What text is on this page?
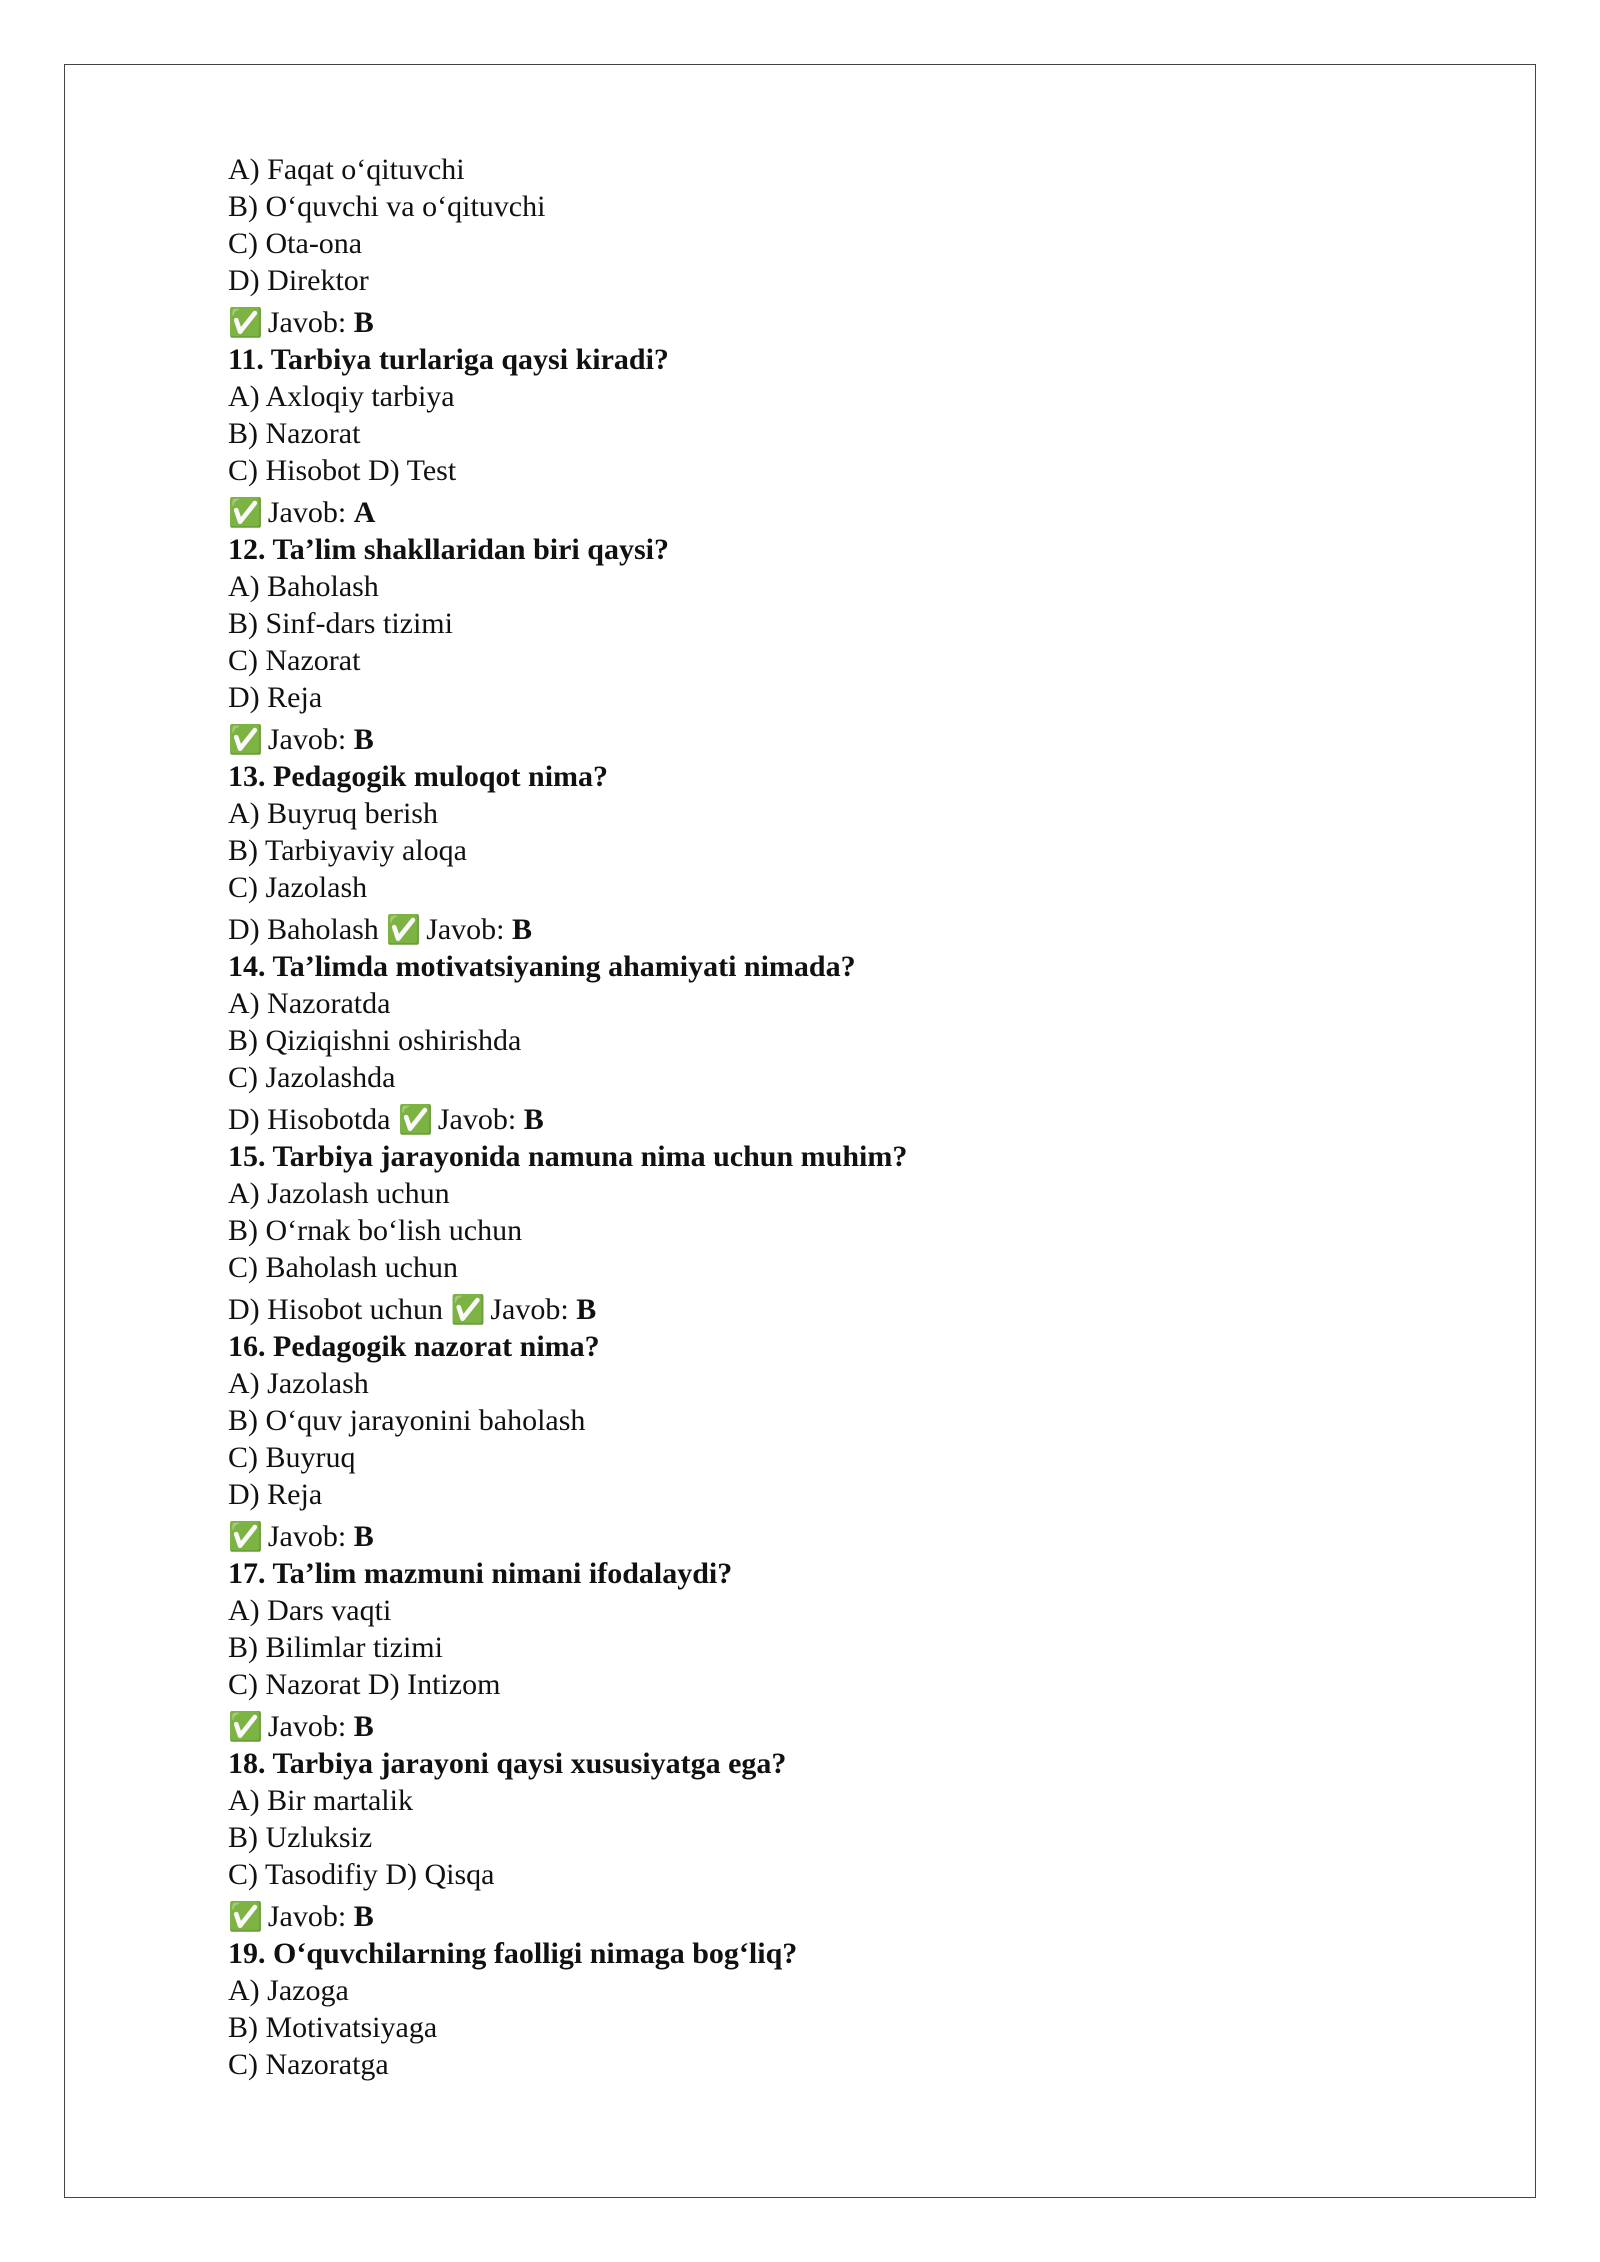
A) Faqat o‘qituvchi
B) O‘quvchi va o‘qituvchi
C) Ota-ona
D) Direktor
✅ Javob: B
11. Tarbiya turlariga qaysi kiradi?
A) Axloqiy tarbiya
B) Nazorat
C) Hisobot D) Test
✅ Javob: A
12. Ta’lim shakllaridan biri qaysi?
A) Baholash
B) Sinf-dars tizimi
C) Nazorat
D) Reja
✅ Javob: B
13. Pedagogik muloqot nima?
A) Buyruq berish
B) Tarbiyaviy aloqa
C) Jazolash
D) Baholash ✅ Javob: B
14. Ta’limda motivatsiyaning ahamiyati nimada?
A) Nazoratda
B) Qiziqishni oshirishda
C) Jazolashda
D) Hisobotda ✅ Javob: B
15. Tarbiya jarayonida namuna nima uchun muhim?
A) Jazolash uchun
B) O‘rnak bo‘lish uchun
C) Baholash uchun
D) Hisobot uchun ✅ Javob: B
16. Pedagogik nazorat nima?
A) Jazolash
B) O‘quv jarayonini baholash
C) Buyruq
D) Reja
✅ Javob: B
17. Ta’lim mazmuni nimani ifodalaydi?
A) Dars vaqti
B) Bilimlar tizimi
C) Nazorat D) Intizom
✅ Javob: B
18. Tarbiya jarayoni qaysi xususiyatga ega?
A) Bir martalik
B) Uzluksiz
C) Tasodifiy D) Qisqa
✅ Javob: B
19. O‘quvchilarning faolligi nimaga bog‘liq?
A) Jazoga
B) Motivatsiyaga
C) Nazoratga
